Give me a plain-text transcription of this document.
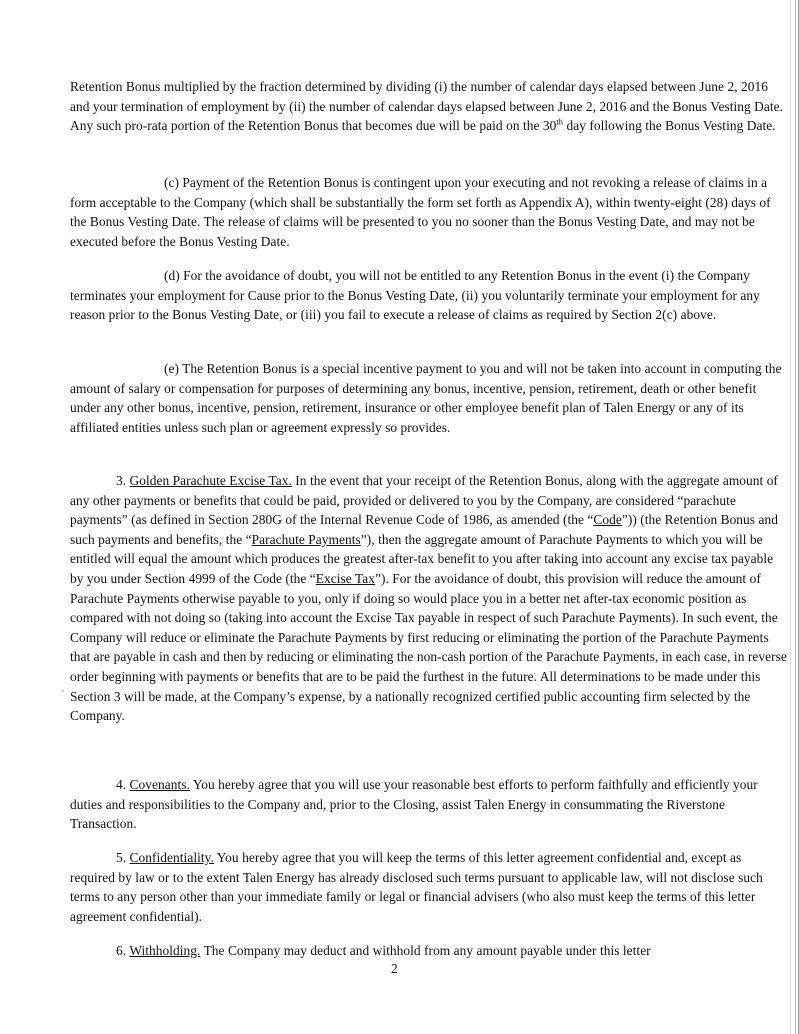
Retention Bonus multiplied by the fraction determined by dividing (i) the number of calendar days elapsed between June 2, 2016 and your termination of employment by (ii) the number of calendar days elapsed between June 2, 2016 and the Bonus Vesting Date. Any such pro-rata portion of the Retention Bonus that becomes due will be paid on the 30th day following the Bonus Vesting Date.

(c) Payment of the Retention Bonus is contingent upon your executing and not revoking a release of claims in a form acceptable to the Company (which shall be substantially the form set forth as Appendix A), within twenty-eight (28) days of the Bonus Vesting Date. The release of claims will be presented to you no sooner than the Bonus Vesting Date, and may not be executed before the Bonus Vesting Date.

(d) For the avoidance of doubt, you will not be entitled to any Retention Bonus in the event (i) the Company terminates your employment for Cause prior to the Bonus Vesting Date, (ii) you voluntarily terminate your employment for any reason prior to the Bonus Vesting Date, or (iii) you fail to execute a release of claims as required by Section 2(c) above.

(e) The Retention Bonus is a special incentive payment to you and will not be taken into account in computing the amount of salary or compensation for purposes of determining any bonus, incentive, pension, retirement, death or other benefit under any other bonus, incentive, pension, retirement, insurance or other employee benefit plan of Talen Energy or any of its affiliated entities unless such plan or agreement expressly so provides.

3. Golden Parachute Excise Tax. In the event that your receipt of the Retention Bonus, along with the aggregate amount of any other payments or benefits that could be paid, provided or delivered to you by the Company, are considered “parachute payments” (as defined in Section 280G of the Internal Revenue Code of 1986, as amended (the “Code”)) (the Retention Bonus and such payments and benefits, the “Parachute Payments”), then the aggregate amount of Parachute Payments to which you will be entitled will equal the amount which produces the greatest after-tax benefit to you after taking into account any excise tax payable by you under Section 4999 of the Code (the “Excise Tax”). For the avoidance of doubt, this provision will reduce the amount of Parachute Payments otherwise payable to you, only if doing so would place you in a better net after-tax economic position as compared with not doing so (taking into account the Excise Tax payable in respect of such Parachute Payments). In such event, the Company will reduce or eliminate the Parachute Payments by first reducing or eliminating the portion of the Parachute Payments that are payable in cash and then by reducing or eliminating the non-cash portion of the Parachute Payments, in each case, in reverse order beginning with payments or benefits that are to be paid the furthest in the future. All determinations to be made under this Section 3 will be made, at the Company’s expense, by a nationally recognized certified public accounting firm selected by the Company.

4. Covenants. You hereby agree that you will use your reasonable best efforts to perform faithfully and efficiently your duties and responsibilities to the Company and, prior to the Closing, assist Talen Energy in consummating the Riverstone Transaction.

5. Confidentiality. You hereby agree that you will keep the terms of this letter agreement confidential and, except as required by law or to the extent Talen Energy has already disclosed such terms pursuant to applicable law, will not disclose such terms to any person other than your immediate family or legal or financial advisers (who also must keep the terms of this letter agreement confidential).

6. Withholding. The Company may deduct and withhold from any amount payable under this letter

2
